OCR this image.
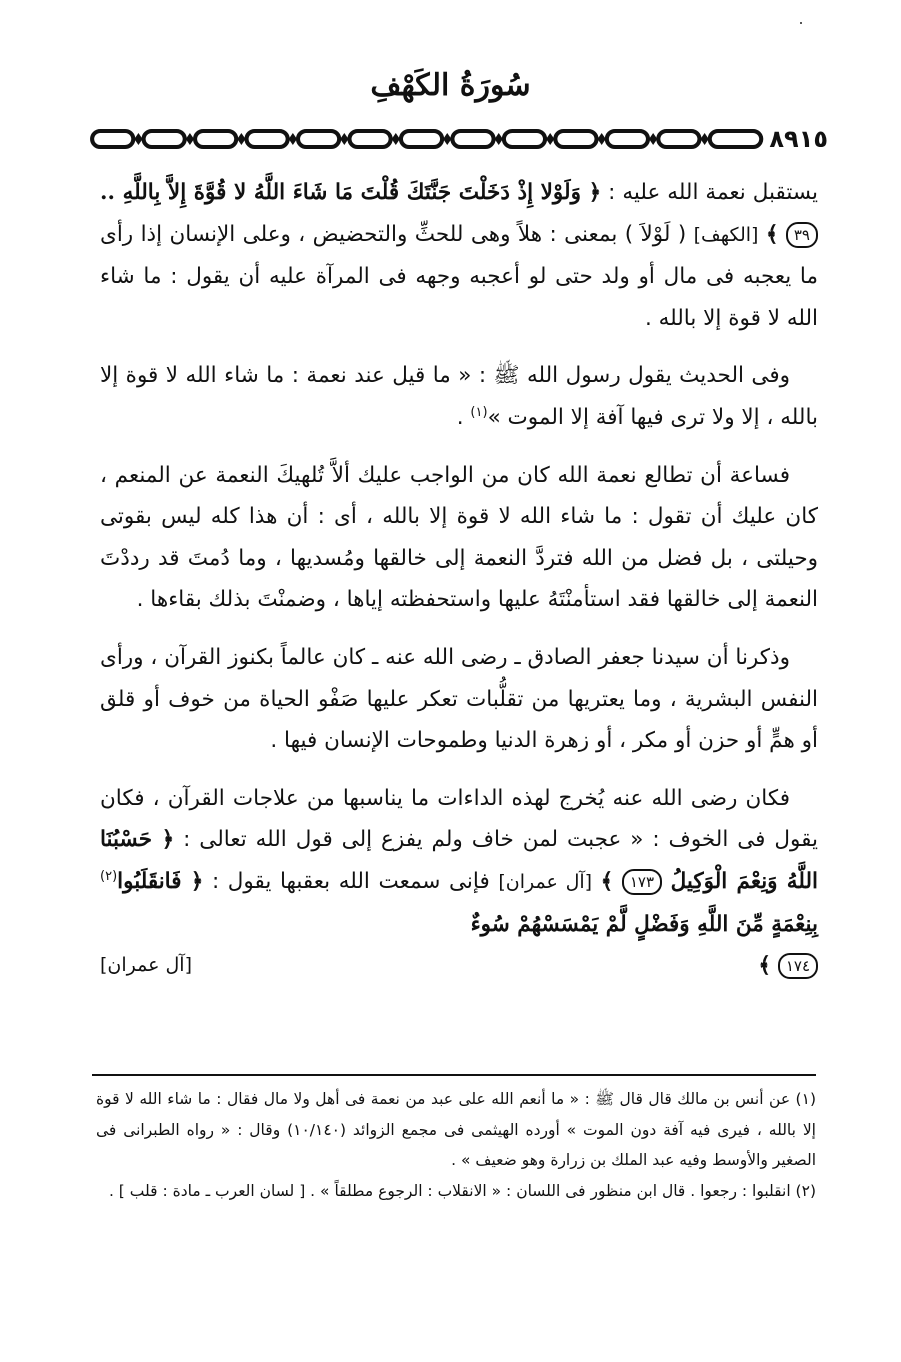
سُورَةُ الكَهْفِ
٨٩١٥

يستقبل نعمة الله عليه : ﴿ وَلَوْلا إِذْ دَخَلْتَ جَنَّتَكَ قُلْتَ مَا شَاءَ اللَّهُ لا قُوَّةَ إِلاَّ بِاللَّهِ .. ٣٩ ﴾ [الكهف] ( لَوْلاَ ) بمعنى : هلاً وهى للحثِّ والتحضيض ، وعلى الإنسان إذا رأى ما يعجبه فى مال أو ولد حتى لو أعجبه وجهه فى المرآة عليه أن يقول : ما شاء الله لا قوة إلا بالله .

وفى الحديث يقول رسول الله ﷺ : « ما قيل عند نعمة : ما شاء الله لا قوة إلا بالله ، إلا ولا ترى فيها آفة إلا الموت »$^{(١)}$ .

فساعة أن تطالع نعمة الله كان من الواجب عليك ألاَّ تُلهيكَ النعمة عن المنعم ، كان عليك أن تقول : ما شاء الله لا قوة إلا بالله ، أى : أن هذا كله ليس بقوتى وحيلتى ، بل فضل من الله فتردَّ النعمة إلى خالقها ومُسديها ، وما دُمتَ قد رددْتَ النعمة إلى خالقها فقد استأمنْتَهُ عليها واستحفظته إياها ، وضمنْتَ بذلك بقاءها .

وذكرنا أن سيدنا جعفر الصادق ـ رضى الله عنه ـ كان عالماً بكنوز القرآن ، ورأى النفس البشرية ، وما يعتريها من تقلُّبات تعكر عليها صَفْو الحياة من خوف أو قلق أو همٍّ أو حزن أو مكر ، أو زهرة الدنيا وطموحات الإنسان فيها .

فكان رضى الله عنه يُخرج لهذه الداءات ما يناسبها من علاجات القرآن ، فكان يقول فى الخوف : « عجبت لمن خاف ولم يفزع إلى قول الله تعالى : ﴿ حَسْبُنَا اللَّهُ وَنِعْمَ الْوَكِيلُ ١٧٣ ﴾ [آل عمران] فإنى سمعت الله بعقبها يقول : ﴿ فَانقَلَبُوا$^{(٢)}$ بِنِعْمَةٍ مِّنَ اللَّهِ وَفَضْلٍ لَّمْ يَمْسَسْهُمْ سُوءٌ
١٧٤ ﴾
[آل عمران]

(١) عن أنس بن مالك قال قال ﷺ : « ما أنعم الله على عبد من نعمة فى أهل ولا مال فقال : ما شاء الله لا قوة إلا بالله ، فيرى فيه آفة دون الموت » أورده الهيثمى فى مجمع الزوائد (١٠/١٤٠) وقال : « رواه الطبرانى فى الصغير والأوسط وفيه عبد الملك بن زرارة وهو ضعيف » .

(٢) انقلبوا : رجعوا . قال ابن منظور فى اللسان : « الانقلاب : الرجوع مطلقاً » . [ لسان العرب ـ مادة : قلب ] .
